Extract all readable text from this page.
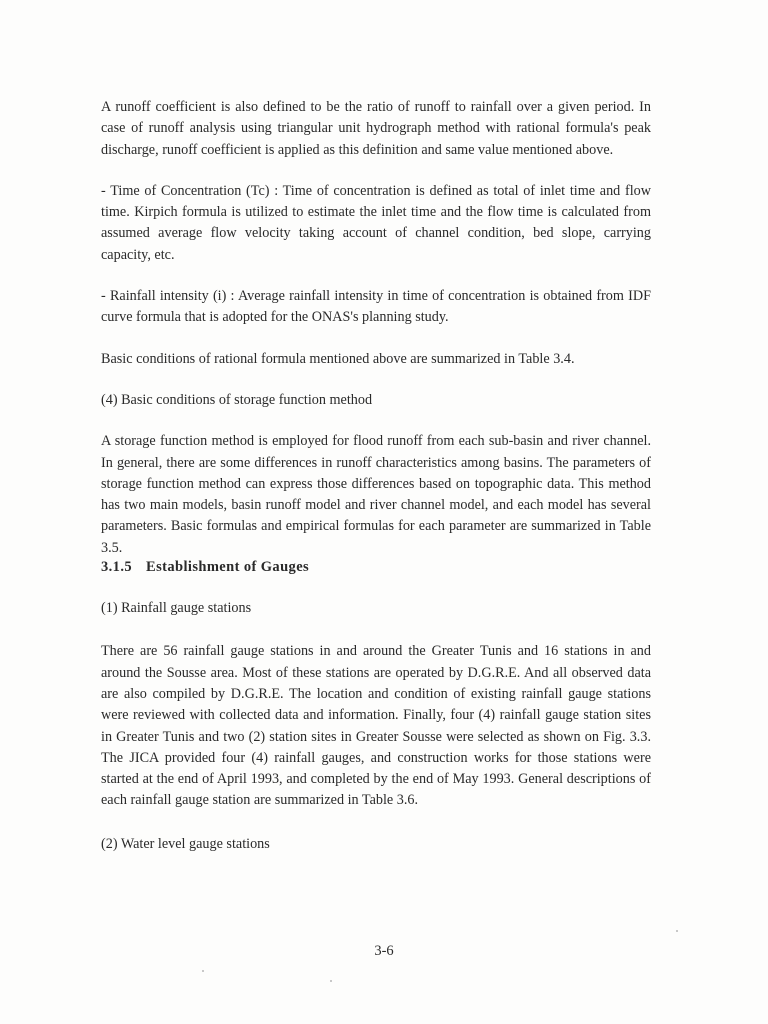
A runoff coefficient is also defined to be the ratio of runoff to rainfall over a given period. In case of runoff analysis using triangular unit hydrograph method with rational formula's peak discharge, runoff coefficient is applied as this definition and same value mentioned above.

- Time of Concentration (Tc) : Time of concentration is defined as total of inlet time and flow time. Kirpich formula is utilized to estimate the inlet time and the flow time is calculated from assumed average flow velocity taking account of channel condition, bed slope, carrying capacity, etc.

- Rainfall intensity (i) : Average rainfall intensity in time of concentration is obtained from IDF curve formula that is adopted for the ONAS's planning study.

Basic conditions of rational formula mentioned above are summarized in Table 3.4.

(4) Basic conditions of storage function method

A storage function method is employed for flood runoff from each sub-basin and river channel. In general, there are some differences in runoff characteristics among basins. The parameters of storage function method can express those differences based on topographic data. This method has two main models, basin runoff model and river channel model, and each model has several parameters. Basic formulas and empirical formulas for each parameter are summarized in Table 3.5.

3.1.5 Establishment of Gauges

(1) Rainfall gauge stations

There are 56 rainfall gauge stations in and around the Greater Tunis and 16 stations in and around the Sousse area. Most of these stations are operated by D.G.R.E. And all observed data are also compiled by D.G.R.E. The location and condition of existing rainfall gauge stations were reviewed with collected data and information. Finally, four (4) rainfall gauge station sites in Greater Tunis and two (2) station sites in Greater Sousse were selected as shown on Fig. 3.3. The JICA provided four (4) rainfall gauges, and construction works for those stations were started at the end of April 1993, and completed by the end of May 1993. General descriptions of each rainfall gauge station are summarized in Table 3.6.

(2) Water level gauge stations

3-6
